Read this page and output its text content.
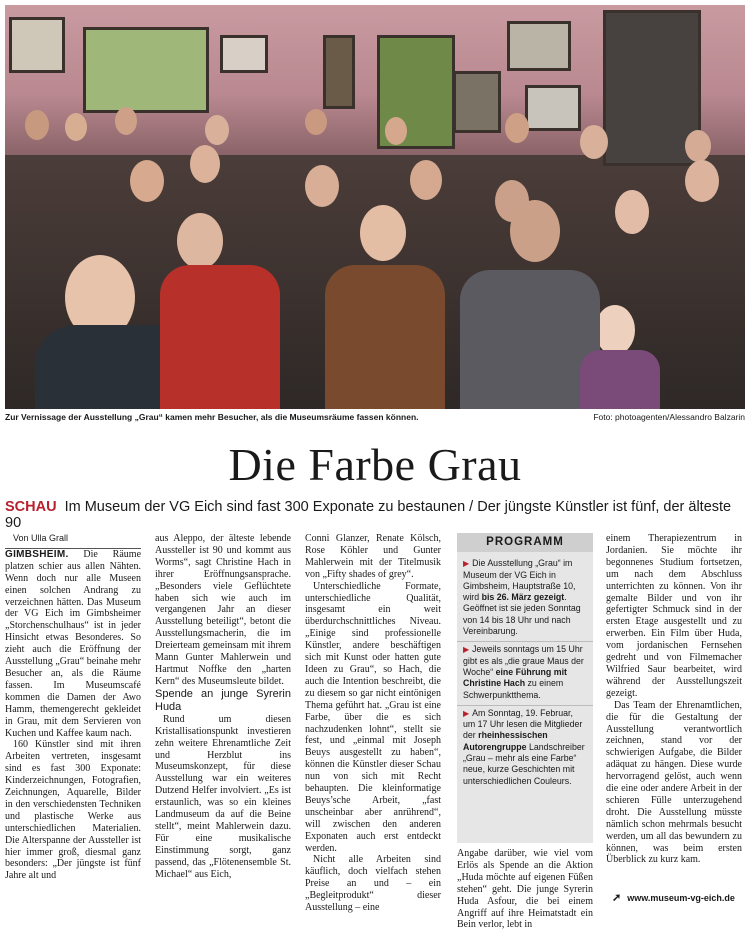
Zur Vernissage der Ausstellung „Grau“ kamen mehr Besucher, als die Museumsräume fassen können.	Foto: photoagenten/Alessandro Balzarin
Die Farbe Grau
SCHAU Im Museum der VG Eich sind fast 300 Exponate zu bestaunen / Der jüngste Künstler ist fünf, der älteste 90

Von Ulla Grall

GIMBSHEIM. Die Räume platzen schier aus allen Nähten. Wenn doch nur alle Museen einen solchen Andrang zu verzeichnen hätten. Das Museum der VG Eich im Gimbsheimer „Storchenschulhaus“ ist in jeder Hinsicht etwas Besonderes. So zieht auch die Eröffnung der Ausstellung „Grau“ beinahe mehr Besucher an, als die Räume fassen. Im Museumscafé kommen die Damen der Awo Hamm, themengerecht gekleidet in Grau, mit dem Servieren von Kuchen und Kaffee kaum nach.

160 Künstler sind mit ihren Arbeiten vertreten, insgesamt sind es fast 300 Exponate: Kinderzeichnungen, Fotografien, Zeichnungen, Aquarelle, Bilder in den verschiedensten Techniken und plastische Werke aus unterschiedlichen Materialien. Die Alterspanne der Aussteller ist hier immer groß, diesmal ganz besonders: „Der jüngste ist fünf Jahre alt und

aus Aleppo, der älteste lebende Aussteller ist 90 und kommt aus Worms“, sagt Christine Hach in ihrer Eröffnungsansprache. „Besonders viele Geflüchtete haben sich wie auch im vergangenen Jahr an dieser Ausstellung beteiligt“, betont die Ausstellungsmacherin, die im Dreierteam gemeinsam mit ihrem Mann Gunter Mahlerwein und Hartmut Noffke den „harten Kern“ des Museumsleute bildet.

Spende an junge Syrerin Huda

Rund um diesen Kristallisationspunkt investieren zehn weitere Ehrenamtliche Zeit und Herzblut ins Museumskonzept, für diese Ausstellung war ein weiteres Dutzend Helfer involviert. „Es ist erstaunlich, was so ein kleines Landmuseum da auf die Beine stellt“, meint Mahlerwein dazu. Für eine musikalische Einstimmung sorgt, ganz passend, das „Flötenensemble St. Michael“ aus Eich,

Conni Glanzer, Renate Kölsch, Rose Köhler und Gunter Mahlerwein mit der Titelmusik von „Fifty shades of grey“.

Unterschiedliche Formate, unterschiedliche Qualität, insgesamt ein weit überdurchschnittliches Niveau. „Einige sind professionelle Künstler, andere beschäftigen sich mit Kunst oder hatten gute Ideen zu Grau“, so Hach, die auch die Intention beschreibt, die zu diesem so gar nicht eintönigen Thema geführt hat. „Grau ist eine Farbe, über die es sich nachzudenken lohnt“, stellt sie fest, und „einmal mit Joseph Beuys ausgestellt zu haben“, können die Künstler dieser Schau nun von sich mit Recht behaupten. Die kleinformatige Beuys’sche Arbeit, „fast unscheinbar aber anrührend“, will zwischen den anderen Exponaten auch erst entdeckt werden.

Nicht alle Arbeiten sind käuflich, doch vielfach stehen Preise an und – ein „Begleitprodukt“ dieser Ausstellung – eine

PROGRAMM
▶ Die Ausstellung „Grau“ im Museum der VG Eich in Gimbsheim, Hauptstraße 10, wird bis 26. März gezeigt. Geöffnet ist sie jeden Sonntag von 14 bis 18 Uhr und nach Vereinbarung.
▶ Jeweils sonntags um 15 Uhr gibt es als „die graue Maus der Woche“ eine Führung mit Christine Hach zu einem Schwerpunktthema.
▶ Am Sonntag, 19. Februar, um 17 Uhr lesen die Mitglieder der rheinhessischen Autorengruppe Landschreiber „Grau – mehr als eine Farbe“ neue, kurze Geschichten mit unterschiedlichen Couleurs.

Angabe darüber, wie viel vom Erlös als Spende an die Aktion „Huda möchte auf eigenen Füßen stehen“ geht. Die junge Syrerin Huda Asfour, die bei einem Angriff auf ihre Heimatstadt ein Bein verlor, lebt in

einem Therapiezentrum in Jordanien. Sie möchte ihr begonnenes Studium fortsetzen, um nach dem Abschluss unterrichten zu können. Von ihr gemalte Bilder und von ihr gefertigter Schmuck sind in der ersten Etage ausgestellt und zu erwerben. Ein Film über Huda, vom jordanischen Fernsehen gedreht und von Filmemacher Wilfried Saur bearbeitet, wird während der Ausstellungszeit gezeigt.

Das Team der Ehrenamtlichen, die für die Gestaltung der Ausstellung verantwortlich zeichnen, stand vor der schwierigen Aufgabe, die Bilder adäquat zu hängen. Diese wurde hervorragend gelöst, auch wenn die eine oder andere Arbeit in der schieren Fülle unterzugehend droht. Die Ausstellung müsste nämlich schon mehrmals besucht werden, um all das bewundern zu können, was beim ersten Überblick zu kurz kam.

➚ www.museum-vg-eich.de
